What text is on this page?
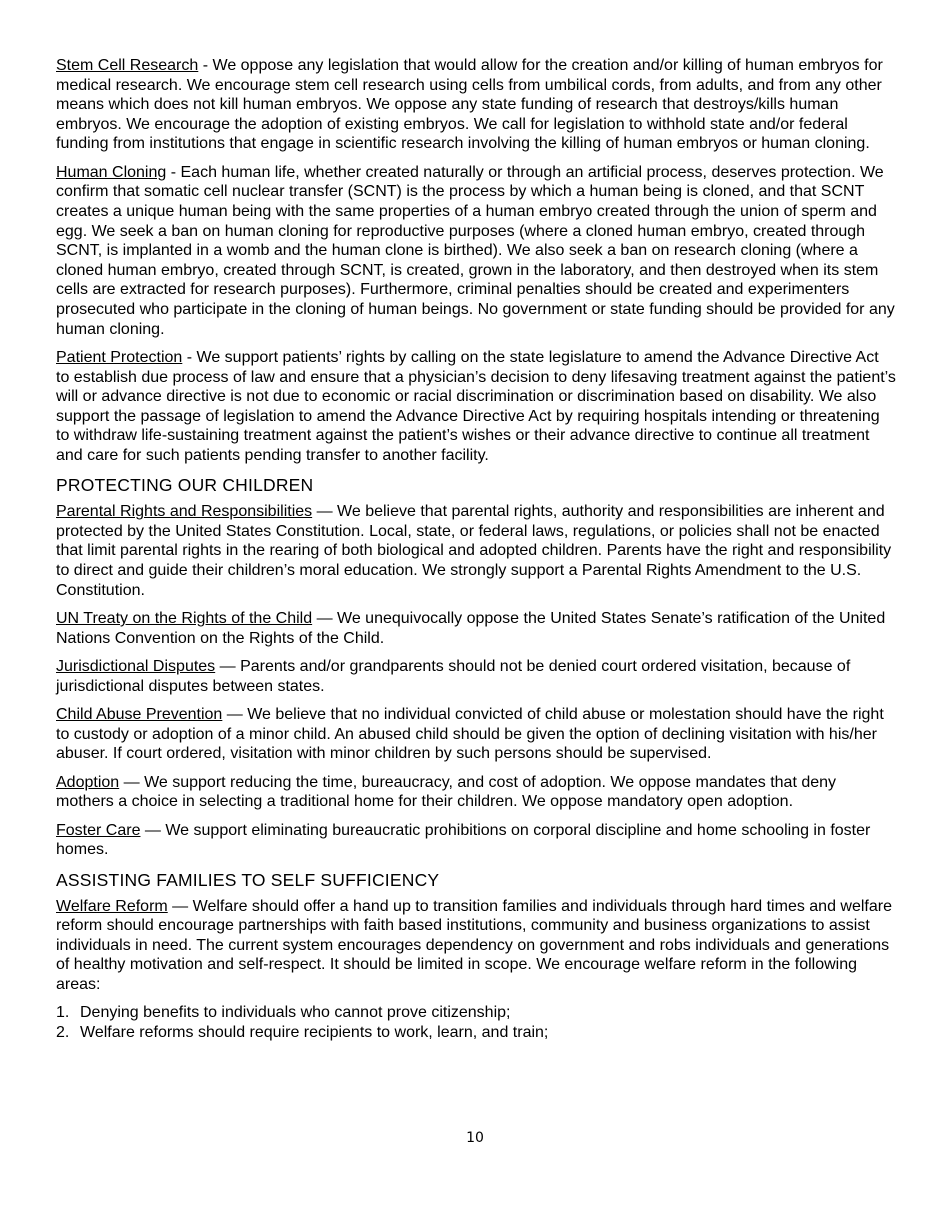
Stem Cell Research - We oppose any legislation that would allow for the creation and/or killing of human embryos for medical research. We encourage stem cell research using cells from umbilical cords, from adults, and from any other means which does not kill human embryos. We oppose any state funding of research that destroys/kills human embryos. We encourage the adoption of existing embryos. We call for legislation to withhold state and/or federal funding from institutions that engage in scientific research involving the killing of human embryos or human cloning.

Human Cloning - Each human life, whether created naturally or through an artificial process, deserves protection. We confirm that somatic cell nuclear transfer (SCNT) is the process by which a human being is cloned, and that SCNT creates a unique human being with the same properties of a human embryo created through the union of sperm and egg. We seek a ban on human cloning for reproductive purposes (where a cloned human embryo, created through SCNT, is implanted in a womb and the human clone is birthed). We also seek a ban on research cloning (where a cloned human embryo, created through SCNT, is created, grown in the laboratory, and then destroyed when its stem cells are extracted for research purposes). Furthermore, criminal penalties should be created and experimenters prosecuted who participate in the cloning of human beings. No government or state funding should be provided for any human cloning.

Patient Protection - We support patients’ rights by calling on the state legislature to amend the Advance Directive Act to establish due process of law and ensure that a physician’s decision to deny lifesaving treatment against the patient’s will or advance directive is not due to economic or racial discrimination or discrimination based on disability. We also support the passage of legislation to amend the Advance Directive Act by requiring hospitals intending or threatening to withdraw life-sustaining treatment against the patient’s wishes or their advance directive to continue all treatment and care for such patients pending transfer to another facility.

PROTECTING OUR CHILDREN

Parental Rights and Responsibilities — We believe that parental rights, authority and responsibilities are inherent and protected by the United States Constitution. Local, state, or federal laws, regulations, or policies shall not be enacted that limit parental rights in the rearing of both biological and adopted children. Parents have the right and responsibility to direct and guide their children’s moral education. We strongly support a Parental Rights Amendment to the U.S. Constitution.

UN Treaty on the Rights of the Child — We unequivocally oppose the United States Senate’s ratification of the United Nations Convention on the Rights of the Child.

Jurisdictional Disputes — Parents and/or grandparents should not be denied court ordered visitation, because of jurisdictional disputes between states.

Child Abuse Prevention — We believe that no individual convicted of child abuse or molestation should have the right to custody or adoption of a minor child. An abused child should be given the option of declining visitation with his/her abuser. If court ordered, visitation with minor children by such persons should be supervised.

Adoption — We support reducing the time, bureaucracy, and cost of adoption. We oppose mandates that deny mothers a choice in selecting a traditional home for their children. We oppose mandatory open adoption.

Foster Care — We support eliminating bureaucratic prohibitions on corporal discipline and home schooling in foster homes.

ASSISTING FAMILIES TO SELF SUFFICIENCY

Welfare Reform — Welfare should offer a hand up to transition families and individuals through hard times and welfare reform should encourage partnerships with faith based institutions, community and business organizations to assist individuals in need. The current system encourages dependency on government and robs individuals and generations of healthy motivation and self-respect. It should be limited in scope. We encourage welfare reform in the following areas:

1. Denying benefits to individuals who cannot prove citizenship;
2. Welfare reforms should require recipients to work, learn, and train;
10
